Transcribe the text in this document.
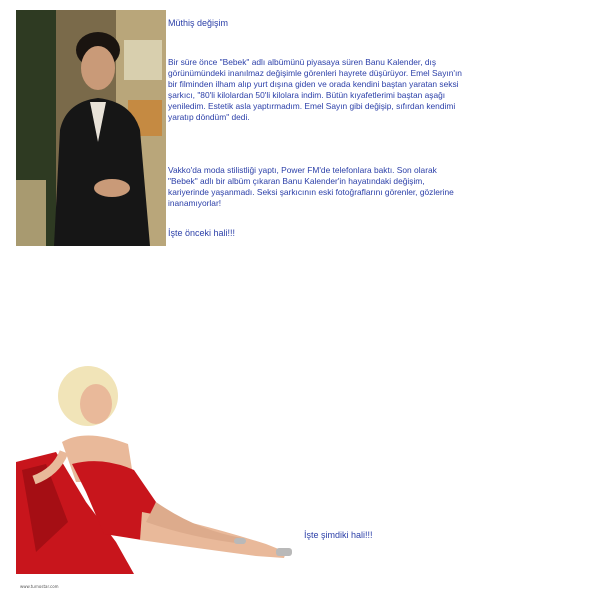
Müthiş değişim
Bir süre önce "Bebek" adlı albümünü piyasaya süren Banu Kalender, dış görünümündeki inanılmaz değişimle görenleri hayrete düşürüyor. Emel Sayın'ın bir filminden ilham alıp yurt dışına giden ve orada kendini baştan yaratan seksi şarkıcı, "80'li kilolardan 50'li kilolara indim. Bütün kıyafetlerimi baştan aşağı yeniledim. Estetik asla yaptırmadım. Emel Sayın gibi değişip, sıfırdan kendimi yaratıp döndüm" dedi.
Vakko'da moda stilistliği yaptı, Power FM'de telefonlara baktı. Son olarak "Bebek" adlı bir albüm çıkaran Banu Kalender'in hayatındaki değişim, kariyerinde yaşanmadı. Seksi şarkıcının eski fotoğraflarını görenler, gözlerine inanamıyorlar!
İşte önceki hali!!!
İşte şimdiki hali!!!
www.turnostar.com
